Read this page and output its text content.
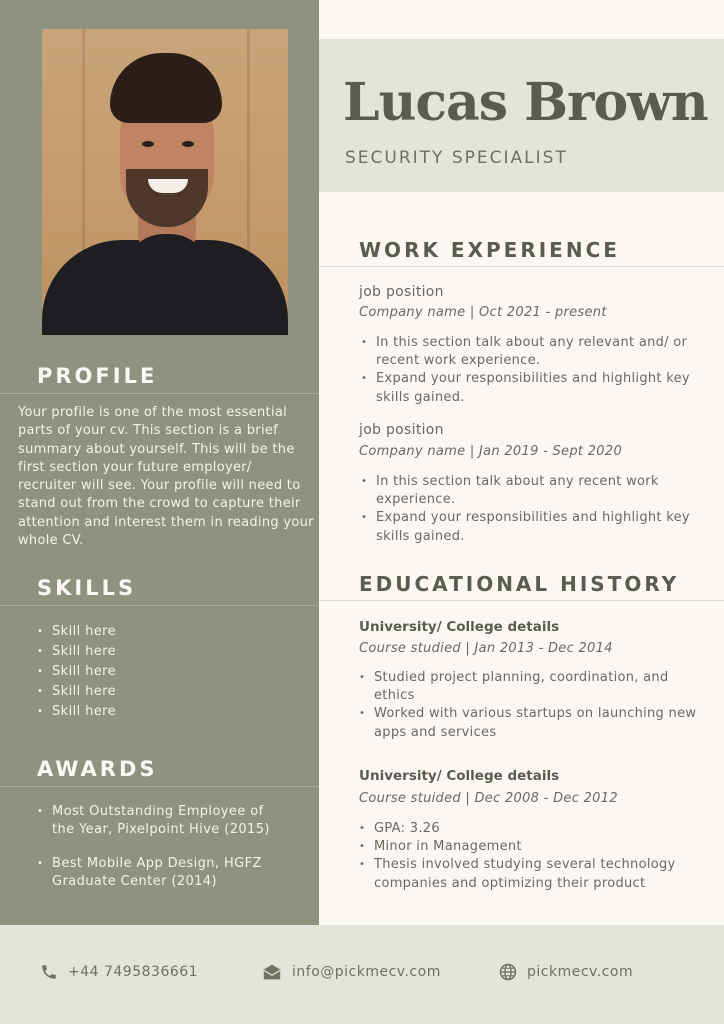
PROFILE
Your profile is one of the most essential parts of your cv. This section is a brief summary about yourself. This will be the first section your future employer/ recruiter will see. Your profile will need to stand out from the crowd to capture their attention and interest them in reading your whole CV.
SKILLS
• Skill here
• Skill here
• Skill here
• Skill here
• Skill here
AWARDS
• Most Outstanding Employee of the Year, Pixelpoint Hive (2015)
• Best Mobile App Design, HGFZ Graduate Center (2014)
Lucas Brown
SECURITY SPECIALIST
WORK EXPERIENCE
job position
Company name | Oct 2021 - present
• In this section talk about any relevant and/ or recent work experience.
• Expand your responsibilities and highlight key skills gained.
job position
Company name | Jan 2019 - Sept 2020
• In this section talk about any recent work experience.
• Expand your responsibilities and highlight key skills gained.
EDUCATIONAL HISTORY
University/ College details
Course studied | Jan 2013 - Dec 2014
• Studied project planning, coordination, and ethics
• Worked with various startups on launching new apps and services
University/ College details
Course stuided | Dec 2008 - Dec 2012
• GPA: 3.26
• Minor in Management
• Thesis involved studying several technology companies and optimizing their product
+44 7495836661	info@pickmecv.com	pickmecv.com
